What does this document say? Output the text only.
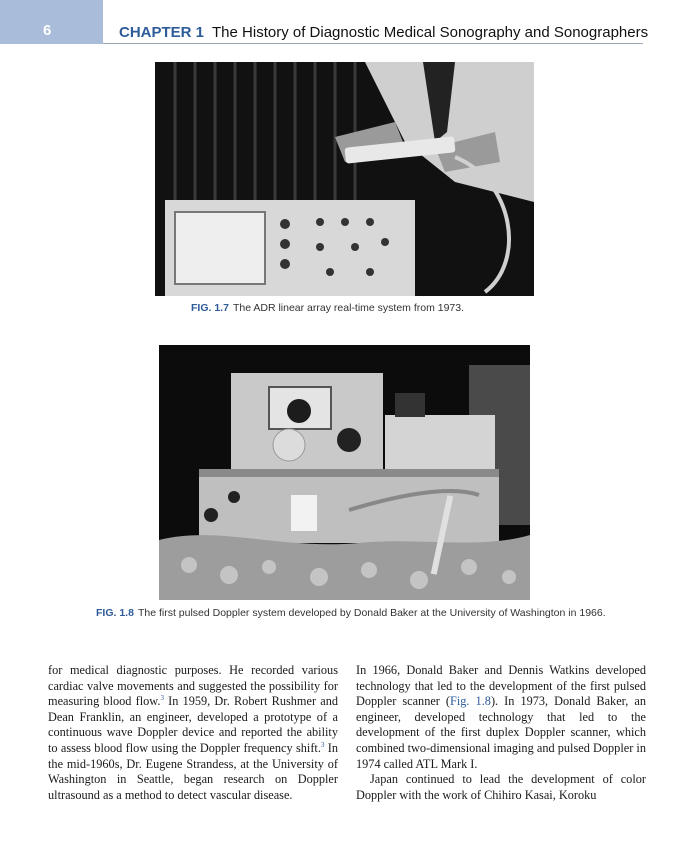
6	CHAPTER 1 The History of Diagnostic Medical Sonography and Sonographers
FIG. 1.7 The ADR linear array real-time system from 1973.
FIG. 1.8 The first pulsed Doppler system developed by Donald Baker at the University of Washington in 1966.

for medical diagnostic purposes. He recorded various cardiac valve movements and suggested the possibility for measuring blood flow.$^3$ In 1959, Dr. Robert Rushmer and Dean Franklin, an engineer, developed a prototype of a continuous wave Doppler device and reported the ability to assess blood flow using the Doppler frequency shift.$^3$ In the mid-1960s, Dr. Eugene Strandess, at the University of Washington in Seattle, began research on Doppler ultrasound as a method to detect vascular disease.

In 1966, Donald Baker and Dennis Watkins developed technology that led to the development of the first pulsed Doppler scanner (Fig. 1.8). In 1973, Donald Baker, an engineer, developed technology that led to the development of the first duplex Doppler scanner, which combined two-dimensional imaging and pulsed Doppler in 1974 called ATL Mark I.

Japan continued to lead the development of color Doppler with the work of Chihiro Kasai, Koroku
